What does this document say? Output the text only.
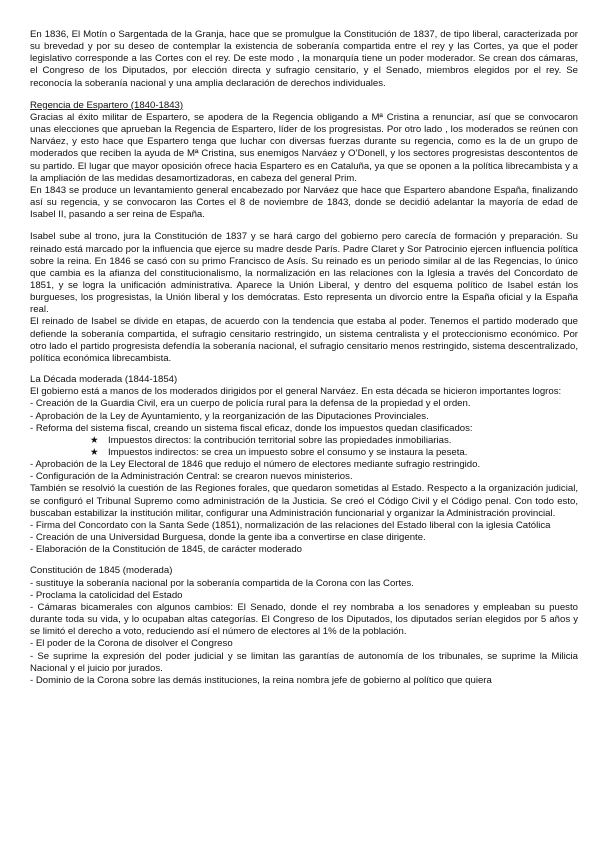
En 1836, El Motín o Sargentada de la Granja, hace que se promulgue la Constitución de 1837, de tipo liberal, caracterizada por su brevedad y por su deseo de contemplar la existencia de soberanía compartida entre el rey y las Cortes, ya que el poder legislativo corresponde a las Cortes con el rey. De este modo , la monarquía tiene un poder moderador. Se crean dos cámaras, el Congreso de los Diputados, por elección directa y sufragio censitario, y el Senado, miembros elegidos por el rey. Se reconocía la soberanía nacional y una amplia declaración de derechos individuales.

Regencia de Espartero (1840-1843)

Gracias al éxito militar de Espartero, se apodera de la Regencia obligando a Mª Cristina a renunciar, así que se convocaron unas elecciones que aprueban la Regencia de Espartero, líder de los progresistas. Por otro lado , los moderados se reúnen con Narváez, y esto hace que Espartero tenga que luchar con diversas fuerzas durante su regencia, como es la de un grupo de moderados que reciben la ayuda de Mª Cristina, sus enemigos Narváez y O’Donell, y los sectores progresistas descontentos de su partido. El lugar que mayor oposición ofrece hacia Espartero es en Cataluña, ya que se oponen a la política librecambista y a la ampliación de las medidas desamortizadoras, en cabeza del general Prim.

En 1843 se produce un levantamiento general encabezado por Narváez que hace que Espartero abandone España, finalizando así su regencia, y se convocaron las Cortes el 8 de noviembre de 1843, donde se decidió adelantar la mayoría de edad de Isabel II, pasando a ser reina de España.

Isabel sube al trono, jura la Constitución de 1837 y se hará cargo del gobierno pero carecía de formación y preparación. Su reinado está marcado por la influencia que ejerce su madre desde París. Padre Claret y Sor Patrocinio ejercen influencia política sobre la reina. En 1846 se casó con su primo Francisco de Asís. Su reinado es un periodo similar al de las Regencias, lo único que cambia es la afianza del constitucionalismo, la normalización en las relaciones con la Iglesia a través del Concordato de 1851, y se logra la unificación administrativa. Aparece la Unión Liberal, y dentro del esquema político de Isabel están los burgueses, los progresistas, la Unión liberal y los demócratas. Esto representa un divorcio entre la España oficial y la España real.

El reinado de Isabel se divide en etapas, de acuerdo con la tendencia que estaba al poder. Tenemos el partido moderado que defiende la soberanía compartida, el sufragio censitario restringido, un sistema centralista y el proteccionismo económico. Por otro lado el partido progresista defendía la soberanía nacional, el sufragio censitario menos restringido, sistema descentralizado, política económica librecambista.

La Década moderada (1844-1854)

El gobierno está a manos de los moderados dirigidos por el general Narváez. En esta década se hicieron importantes logros:

- Creación de la Guardia Civil, era un cuerpo de policía rural para la defensa de la propiedad y el orden.
- Aprobación de la Ley de Ayuntamiento, y la reorganización de las Diputaciones Provinciales.
- Reforma del sistema fiscal, creando un sistema fiscal eficaz, donde los impuestos quedan clasificados:
★ Impuestos directos: la contribución territorial sobre las propiedades inmobiliarias.
★ Impuestos indirectos: se crea un impuesto sobre el consumo y se instaura la peseta.
- Aprobación de la Ley Electoral de 1846 que redujo el número de electores mediante sufragio restringido.
- Configuración de la Administración Central: se crearon nuevos ministerios.

También se resolvió la cuestión de las Regiones forales, que quedaron sometidas al Estado. Respecto a la organización judicial, se configuró el Tribunal Supremo como administración de la Justicia. Se creó el Código Civil y el Código penal. Con todo esto, buscaban estabilizar la institución militar, configurar una Administración funcionarial y organizar la Administración provincial.

- Firma del Concordato con la Santa Sede (1851), normalización de las relaciones del Estado liberal con la iglesia Católica
- Creación de una Universidad Burguesa, donde la gente iba a convertirse en clase dirigente.
- Elaboración de la Constitución de 1845, de carácter moderado
Constitución de 1845 (moderada)
- sustituye la soberanía nacional por la soberanía compartida de la Corona con las Cortes.
- Proclama la catolicidad del Estado
- Cámaras bicamerales con algunos cambios: El Senado, donde el rey nombraba a los senadores y empleaban su puesto durante toda su vida, y lo ocupaban altas categorías. El Congreso de los Diputados, los diputados serían elegidos por 5 años y se limitó el derecho a voto, reduciendo así el número de electores al 1% de la población.
- El poder de la Corona de disolver el Congreso
- Se suprime la expresión del poder judicial y se limitan las garantías de autonomía de los tribunales, se suprime la Milicia Nacional y el juicio por jurados.
- Dominio de la Corona sobre las demás instituciones, la reina nombra jefe de gobierno al político que quiera
